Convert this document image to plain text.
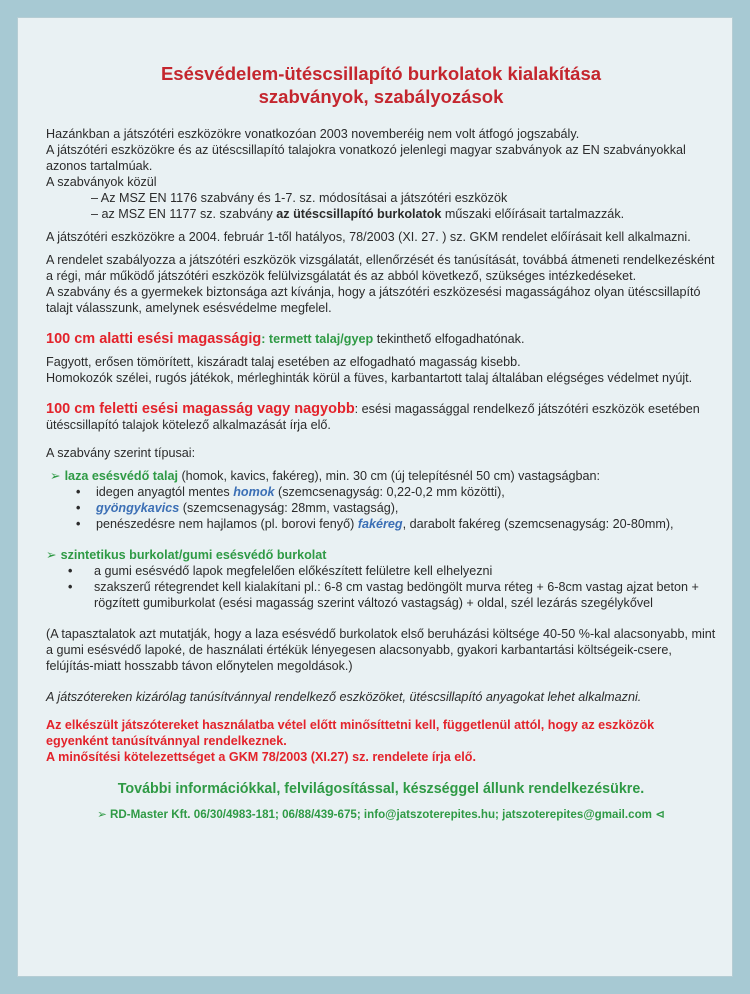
Esésvédelem-ütéscsillapító burkolatok kialakítása
szabványok, szabályozások

Hazánkban a játszótéri eszközökre vonatkozóan 2003 novemberéig nem volt átfogó jogszabály.

A játszótéri eszközökre és az ütéscsillapító talajokra vonatkozó jelenlegi magyar szabványok az EN szabványokkal azonos tartalmúak.

A szabványok közül

– Az MSZ EN 1176 szabvány és 1-7. sz. módosításai a játszótéri eszközök

– az MSZ EN 1177 sz. szabvány az ütéscsillapító burkolatok műszaki előírásait tartalmazzák.

A játszótéri eszközökre a 2004. február 1-től hatályos, 78/2003 (XI. 27. ) sz. GKM rendelet előírásait kell alkalmazni.

A rendelet szabályozza a játszótéri eszközök vizsgálatát, ellenőrzését és tanúsítását, továbbá átmeneti rendelkezésként a régi, már működő játszótéri eszközök felülvizsgálatát és az abból következő, szükséges intézkedéseket.

A szabvány és a gyermekek biztonsága azt kívánja, hogy a játszótéri eszközesési magasságához olyan ütéscsillapító talajt válasszunk, amelynek esésvédelme megfelel.

100 cm alatti esési magasságig: termett talaj/gyep tekinthető elfogadhatónak.

Fagyott, erősen tömörített, kiszáradt talaj esetében az elfogadható magasság kisebb.

Homokozók szélei, rugós játékok, mérleghinták körül a füves, karbantartott talaj általában elégséges védelmet nyújt.

100 cm feletti esési magasság vagy nagyobb: esési magassággal rendelkező játszótéri eszközök esetében ütéscsillapító talajok kötelező alkalmazását írja elő.

A szabvány szerint típusai:

➢ laza esésvédő talaj (homok, kavics, fakéreg), min. 30 cm (új telepítésnél 50 cm) vastagságban:

• idegen anyagtól mentes homok (szemcsenagyság: 0,22-0,2 mm közötti),
• gyöngykavics (szemcsenagyság: 28mm, vastagság),
• penészedésre nem hajlamos (pl. borovi fenyő) fakéreg, darabolt fakéreg (szemcsenagyság: 20-80mm),

➢ szintetikus burkolat/gumi esésvédő burkolat

• a gumi esésvédő lapok megfelelően előkészített felületre kell elhelyezni
• szakszerű rétegrendet kell kialakítani pl.: 6-8 cm vastag bedöngölt murva réteg + 6-8cm vastag ajzat beton + rögzített gumiburkolat (esési magasság szerint változó vastagság) + oldal, szél lezárás szegélykővel

(A tapasztalatok azt mutatják, hogy a laza esésvédő burkolatok első beruházási költsége 40-50 %-kal alacsonyabb, mint a gumi esésvédő lapoké, de használati értékük lényegesen alacsonyabb, gyakori karbantartási költségeik-csere, felújítás-miatt hosszabb távon előnytelen megoldások.)

A játszótereken kizárólag tanúsítvánnyal rendelkező eszközöket, ütéscsillapító anyagokat lehet alkalmazni.

Az elkészült játszótereket használatba vétel előtt minősíttetni kell, függetlenül attól, hogy az eszközök egyenként tanúsítvánnyal rendelkeznek.

A minősítési kötelezettséget a GKM 78/2003 (XI.27) sz. rendelete írja elő.

További információkkal, felvilágosítással, készséggel állunk rendelkezésükre.

➢ RD-Master Kft. 06/30/4983-181; 06/88/439-675; info@jatszoterepites.hu; jatszoterepites@gmail.com ⊲
